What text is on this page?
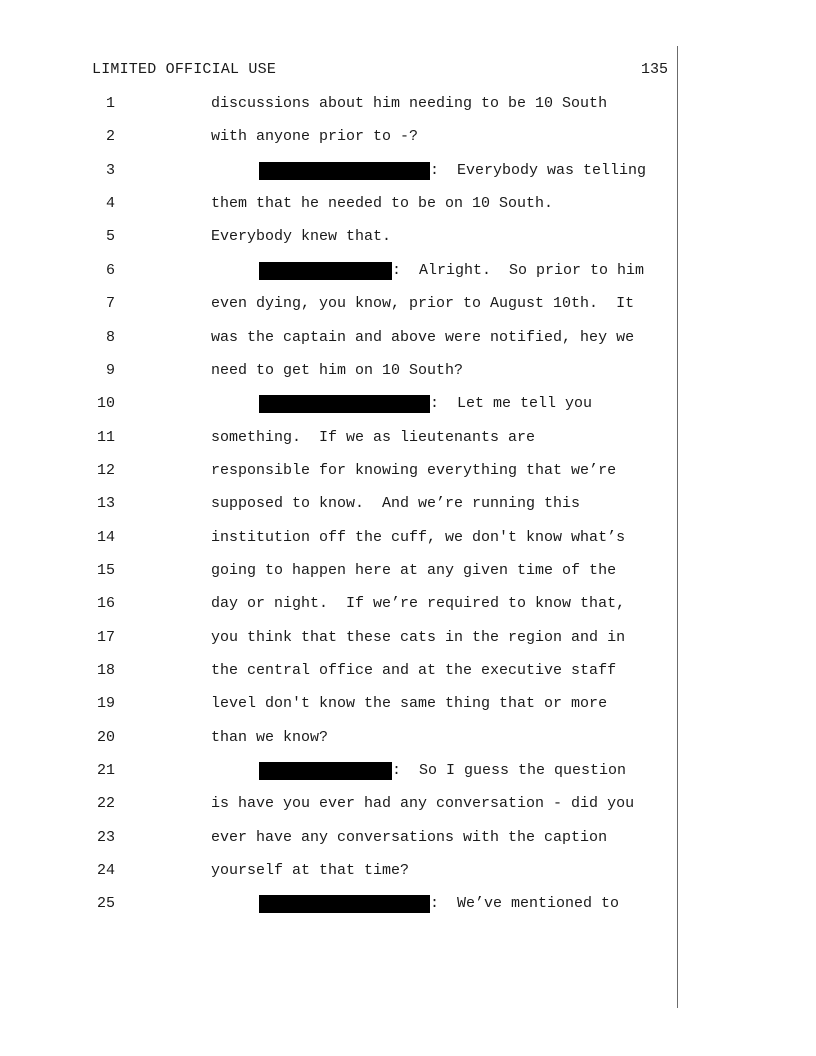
LIMITED OFFICIAL USE	135
1	discussions about him needing to be 10 South
2	with anyone prior to -?
3	:  Everybody was telling
4	them that he needed to be on 10 South.
5	Everybody knew that.
6	:  Alright.  So prior to him
7	even dying, you know, prior to August 10th.  It
8	was the captain and above were notified, hey we
9	need to get him on 10 South?
10	:  Let me tell you
11	something.  If we as lieutenants are
12	responsible for knowing everything that we’re
13	supposed to know.  And we’re running this
14	institution off the cuff, we don't know what’s
15	going to happen here at any given time of the
16	day or night.  If we’re required to know that,
17	you think that these cats in the region and in
18	the central office and at the executive staff
19	level don't know the same thing that or more
20	than we know?
21	:  So I guess the question
22	is have you ever had any conversation - did you
23	ever have any conversations with the caption
24	yourself at that time?
25	:  We’ve mentioned to
